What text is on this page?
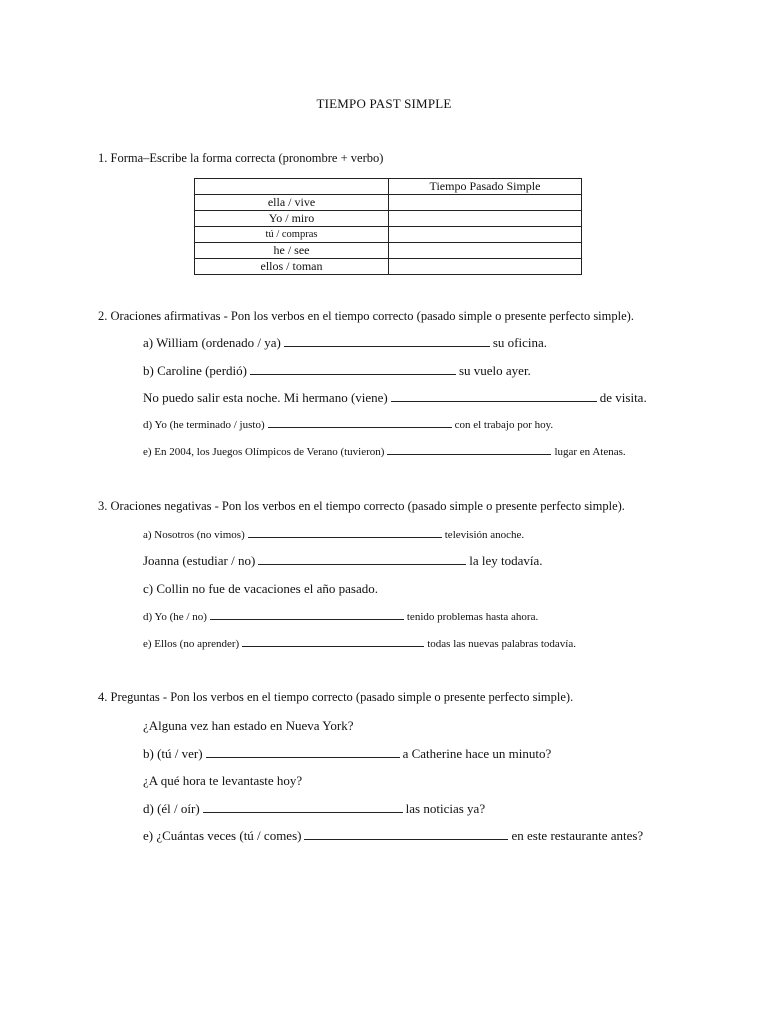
TIEMPO PAST SIMPLE
1. Forma–Escribe la forma correcta (pronombre + verbo)
	Tiempo Pasado Simple
ella / vive	
Yo / miro	
tú / compras	
he / see	
ellos / toman	
2. Oraciones afirmativas - Pon los verbos en el tiempo correcto (pasado simple o presente perfecto simple).
a) William (ordenado / ya)	su oficina.
b) Caroline (perdió)	su vuelo ayer.
No puedo salir esta noche. Mi hermano (viene)	de visita.
d) Yo (he terminado / justo)	con el trabajo por hoy.
e) En 2004, los Juegos Olímpicos de Verano (tuvieron)	lugar en Atenas.
3. Oraciones negativas - Pon los verbos en el tiempo correcto (pasado simple o presente perfecto simple).
a) Nosotros (no vimos)	televisión anoche.
Joanna (estudiar / no)	la ley todavía.
c) Collin no fue de vacaciones el año pasado.
d) Yo (he / no)	tenido problemas hasta ahora.
e) Ellos (no aprender)	todas las nuevas palabras todavía.
4. Preguntas - Pon los verbos en el tiempo correcto (pasado simple o presente perfecto simple).
¿Alguna vez han estado en Nueva York?
b) (tú / ver)	a Catherine hace un minuto?
¿A qué hora te levantaste hoy?
d) (él / oír)	las noticias ya?
e) ¿Cuántas veces (tú / comes)	en este restaurante antes?
